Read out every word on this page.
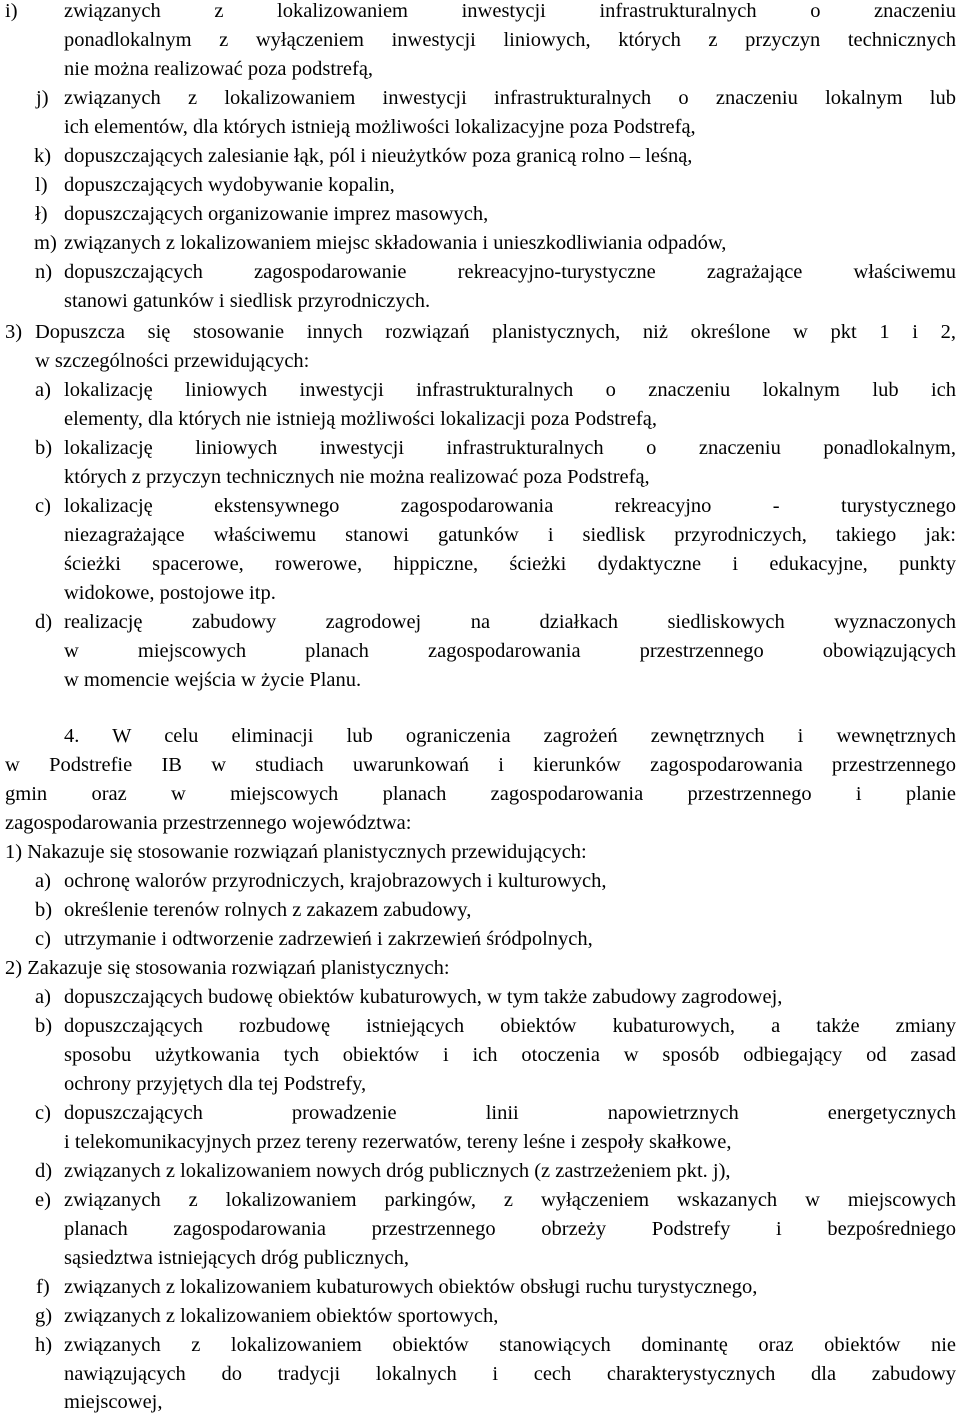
i) związanych z lokalizowaniem inwestycji infrastrukturalnych o znaczeniu
ponadlokalnym z wyłączeniem inwestycji liniowych, których z przyczyn technicznych
nie można realizować poza podstrefą,
j) związanych z lokalizowaniem inwestycji infrastrukturalnych o znaczeniu lokalnym lub
ich elementów, dla których istnieją możliwości lokalizacyjne poza Podstrefą,
k) dopuszczających zalesianie łąk, pól i nieużytków poza granicą rolno – leśną,
l) dopuszczających wydobywanie kopalin,
ł) dopuszczających organizowanie imprez masowych,
m) związanych z lokalizowaniem miejsc składowania i unieszkodliwiania odpadów,
n) dopuszczających zagospodarowanie rekreacyjno-turystyczne zagrażające właściwemu
stanowi gatunków i siedlisk przyrodniczych.
3) Dopuszcza się stosowanie innych rozwiązań planistycznych, niż określone w pkt 1 i 2,
w szczególności przewidujących:
a) lokalizację liniowych inwestycji infrastrukturalnych o znaczeniu lokalnym lub ich
elementy, dla których nie istnieją możliwości lokalizacji poza Podstrefą,
b) lokalizację liniowych inwestycji infrastrukturalnych o znaczeniu ponadlokalnym,
których z przyczyn technicznych nie można realizować poza Podstrefą,
c) lokalizację ekstensywnego zagospodarowania rekreacyjno - turystycznego
niezagrażające właściwemu stanowi gatunków i siedlisk przyrodniczych, takiego jak:
ścieżki spacerowe, rowerowe, hippiczne, ścieżki dydaktyczne i edukacyjne, punkty
widokowe, postojowe itp.
d) realizację zabudowy zagrodowej na działkach siedliskowych wyznaczonych
w miejscowych planach zagospodarowania przestrzennego obowiązujących
w momencie wejścia w życie Planu.
4. W celu eliminacji lub ograniczenia zagrożeń zewnętrznych i wewnętrznych
w Podstrefie IB w studiach uwarunkowań i kierunków zagospodarowania przestrzennego
gmin oraz w miejscowych planach zagospodarowania przestrzennego i planie
zagospodarowania przestrzennego województwa:
1) Nakazuje się stosowanie rozwiązań planistycznych przewidujących:
a) ochronę walorów przyrodniczych, krajobrazowych i kulturowych,
b) określenie terenów rolnych z zakazem zabudowy,
c) utrzymanie i odtworzenie zadrzewień i zakrzewień śródpolnych,
2) Zakazuje się stosowania rozwiązań planistycznych:
a) dopuszczających budowę obiektów kubaturowych, w tym także zabudowy zagrodowej,
b) dopuszczających rozbudowę istniejących obiektów kubaturowych, a także zmiany
sposobu użytkowania tych obiektów i ich otoczenia w sposób odbiegający od zasad
ochrony przyjętych dla tej Podstrefy,
c) dopuszczających prowadzenie linii napowietrznych energetycznych
i telekomunikacyjnych przez tereny rezerwatów, tereny leśne i zespoły skałkowe,
d) związanych z lokalizowaniem nowych dróg publicznych (z zastrzeżeniem pkt. j),
e) związanych z lokalizowaniem parkingów, z wyłączeniem wskazanych w miejscowych
planach zagospodarowania przestrzennego obrzeży Podstrefy i bezpośredniego
sąsiedztwa istniejących dróg publicznych,
f) związanych z lokalizowaniem kubaturowych obiektów obsługi ruchu turystycznego,
g) związanych z lokalizowaniem obiektów sportowych,
h) związanych z lokalizowaniem obiektów stanowiących dominantę oraz obiektów nie
nawiązujących do tradycji lokalnych i cech charakterystycznych dla zabudowy
miejscowej,
